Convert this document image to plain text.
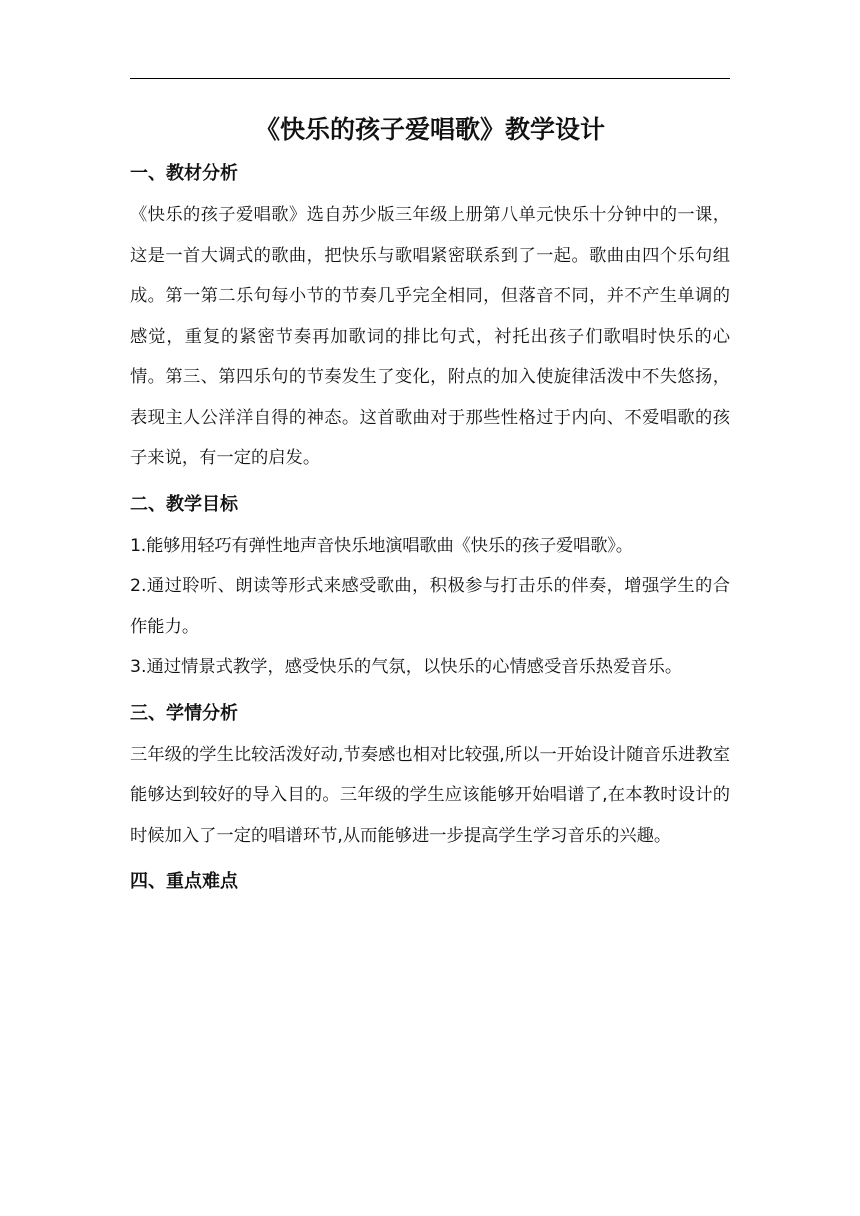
《快乐的孩子爱唱歌》教学设计
一、教材分析

《快乐的孩子爱唱歌》选自苏少版三年级上册第八单元快乐十分钟中的一课，这是一首大调式的歌曲，把快乐与歌唱紧密联系到了一起。歌曲由四个乐句组成。第一第二乐句每小节的节奏几乎完全相同，但落音不同，并不产生单调的感觉，重复的紧密节奏再加歌词的排比句式，衬托出孩子们歌唱时快乐的心情。第三、第四乐句的节奏发生了变化，附点的加入使旋律活泼中不失悠扬，表现主人公洋洋自得的神态。这首歌曲对于那些性格过于内向、不爱唱歌的孩子来说，有一定的启发。

二、教学目标

1.能够用轻巧有弹性地声音快乐地演唱歌曲《快乐的孩子爱唱歌》。

2.通过聆听、朗读等形式来感受歌曲，积极参与打击乐的伴奏，增强学生的合作能力。

3.通过情景式教学，感受快乐的气氛，以快乐的心情感受音乐热爱音乐。

三、学情分析

三年级的学生比较活泼好动,节奏感也相对比较强,所以一开始设计随音乐进教室能够达到较好的导入目的。三年级的学生应该能够开始唱谱了,在本教时设计的时候加入了一定的唱谱环节,从而能够进一步提高学生学习音乐的兴趣。

四、重点难点
